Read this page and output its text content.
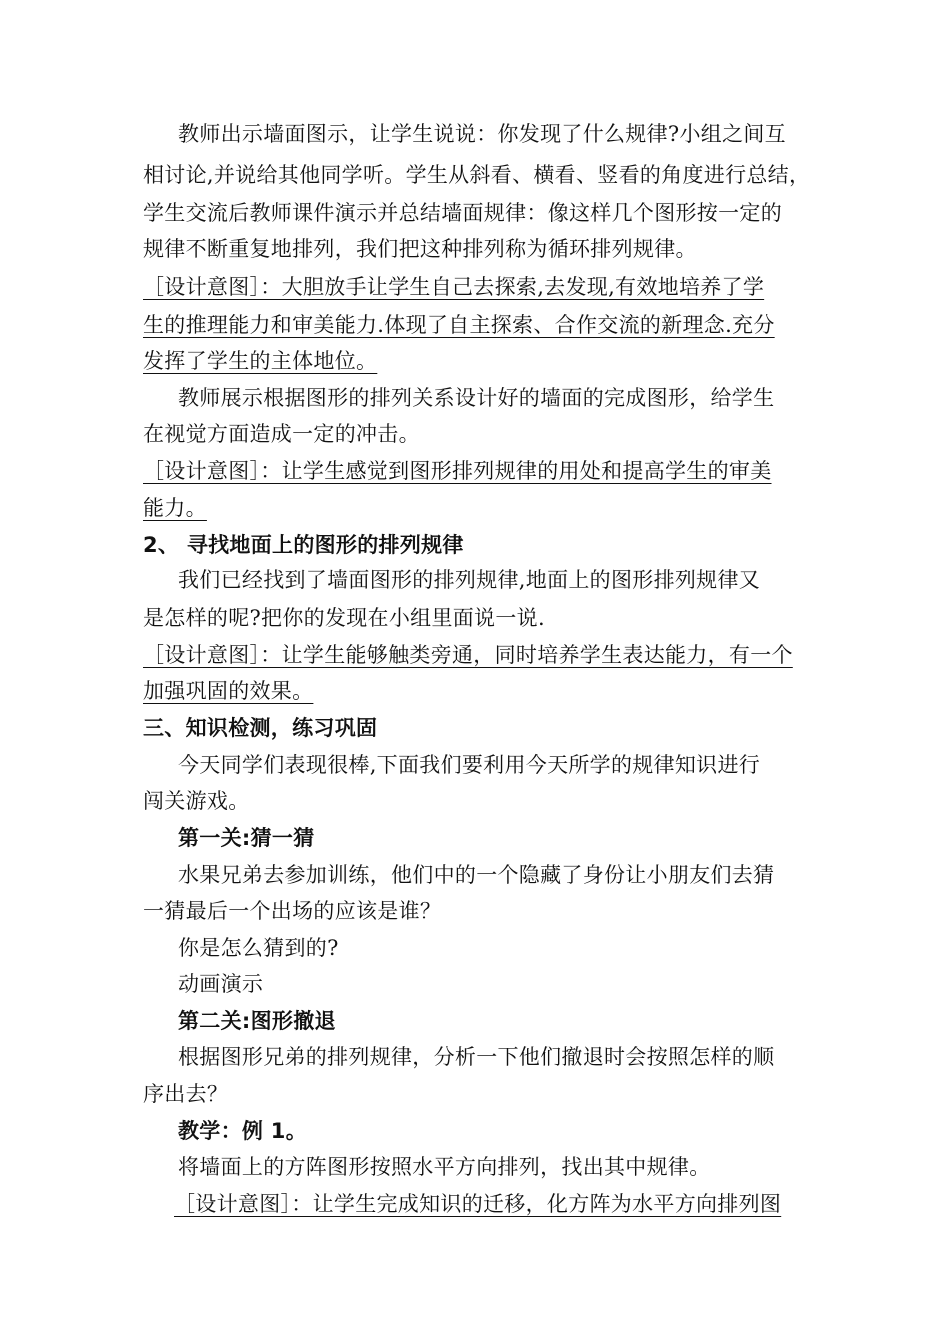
教师出示墙面图示，让学生说说：你发现了什么规律?小组之间互
相讨论,并说给其他同学听。学生从斜看、横看、竖看的角度进行总结，
学生交流后教师课件演示并总结墙面规律：像这样几个图形按一定的
规律不断重复地排列，我们把这种排列称为循环排列规律。
［设计意图］：大胆放手让学生自己去探索,去发现,有效地培养了学
生的推理能力和审美能力.体现了自主探索、合作交流的新理念.充分
发挥了学生的主体地位。
教师展示根据图形的排列关系设计好的墙面的完成图形，给学生
在视觉方面造成一定的冲击。
［设计意图］：让学生感觉到图形排列规律的用处和提高学生的审美
能力。
2、 寻找地面上的图形的排列规律
我们已经找到了墙面图形的排列规律,地面上的图形排列规律又
是怎样的呢?把你的发现在小组里面说一说.
［设计意图］：让学生能够触类旁通，同时培养学生表达能力，有一个
加强巩固的效果。
三、知识检测，练习巩固
今天同学们表现很棒,下面我们要利用今天所学的规律知识进行
闯关游戏。
第一关:猜一猜
水果兄弟去参加训练，他们中的一个隐藏了身份让小朋友们去猜
一猜最后一个出场的应该是谁？
你是怎么猜到的?
动画演示
第二关:图形撤退
根据图形兄弟的排列规律，分析一下他们撤退时会按照怎样的顺
序出去？
教学：例 1。
将墙面上的方阵图形按照水平方向排列，找出其中规律。
［设计意图］：让学生完成知识的迁移，化方阵为水平方向排列图
